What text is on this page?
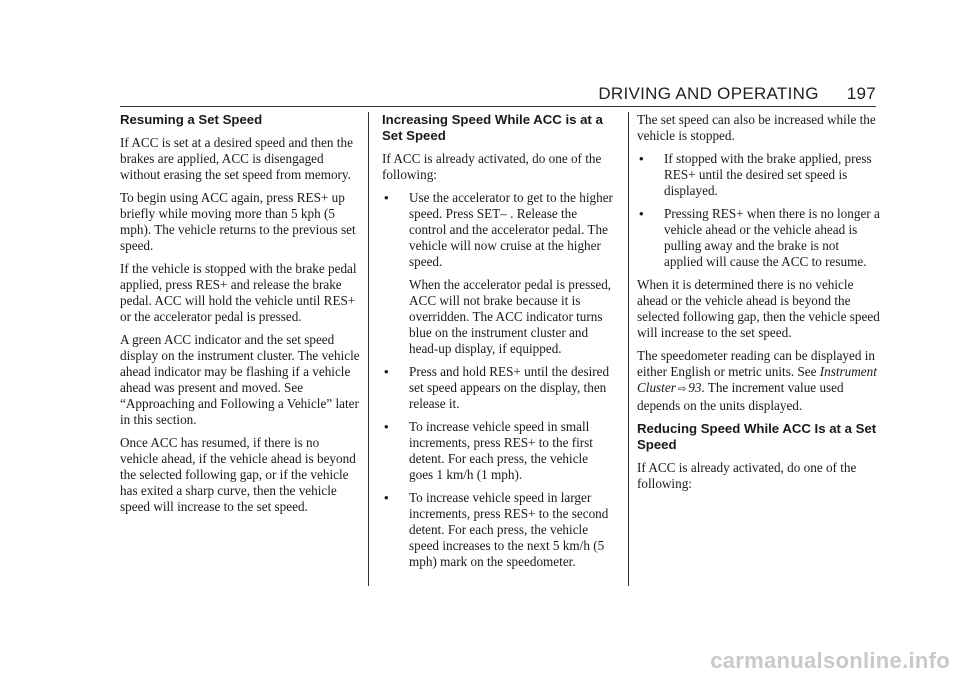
DRIVING AND OPERATING 197
Resuming a Set Speed

If ACC is set at a desired speed and then the brakes are applied, ACC is disengaged without erasing the set speed from memory.

To begin using ACC again, press RES+ up briefly while moving more than 5 kph (5 mph). The vehicle returns to the previous set speed.

If the vehicle is stopped with the brake pedal applied, press RES+ and release the brake pedal. ACC will hold the vehicle until RES+ or the accelerator pedal is pressed.

A green ACC indicator and the set speed display on the instrument cluster. The vehicle ahead indicator may be flashing if a vehicle ahead was present and moved. See “Approaching and Following a Vehicle” later in this section.

Once ACC has resumed, if there is no vehicle ahead, if the vehicle ahead is beyond the selected following gap, or if the vehicle has exited a sharp curve, then the vehicle speed will increase to the set speed.

Increasing Speed While ACC is at a Set Speed

If ACC is already activated, do one of the following:

• Use the accelerator to get to the higher speed. Press SET– . Release the control and the accelerator pedal. The vehicle will now cruise at the higher speed.

When the accelerator pedal is pressed, ACC will not brake because it is overridden. The ACC indicator turns blue on the instrument cluster and head-up display, if equipped.

• Press and hold RES+ until the desired set speed appears on the display, then release it.

• To increase vehicle speed in small increments, press RES+ to the first detent. For each press, the vehicle goes 1 km/h (1 mph).

• To increase vehicle speed in larger increments, press RES+ to the second detent. For each press, the vehicle speed increases to the next 5 km/h (5 mph) mark on the speedometer.

The set speed can also be increased while the vehicle is stopped.

• If stopped with the brake applied, press RES+ until the desired set speed is displayed.

• Pressing RES+ when there is no longer a vehicle ahead or the vehicle ahead is pulling away and the brake is not applied will cause the ACC to resume.

When it is determined there is no vehicle ahead or the vehicle ahead is beyond the selected following gap, then the vehicle speed will increase to the set speed.

The speedometer reading can be displayed in either English or metric units. See Instrument Cluster ⇨ 93. The increment value used depends on the units displayed.

Reducing Speed While ACC Is at a Set Speed

If ACC is already activated, do one of the following:

carmanualsonline.info
